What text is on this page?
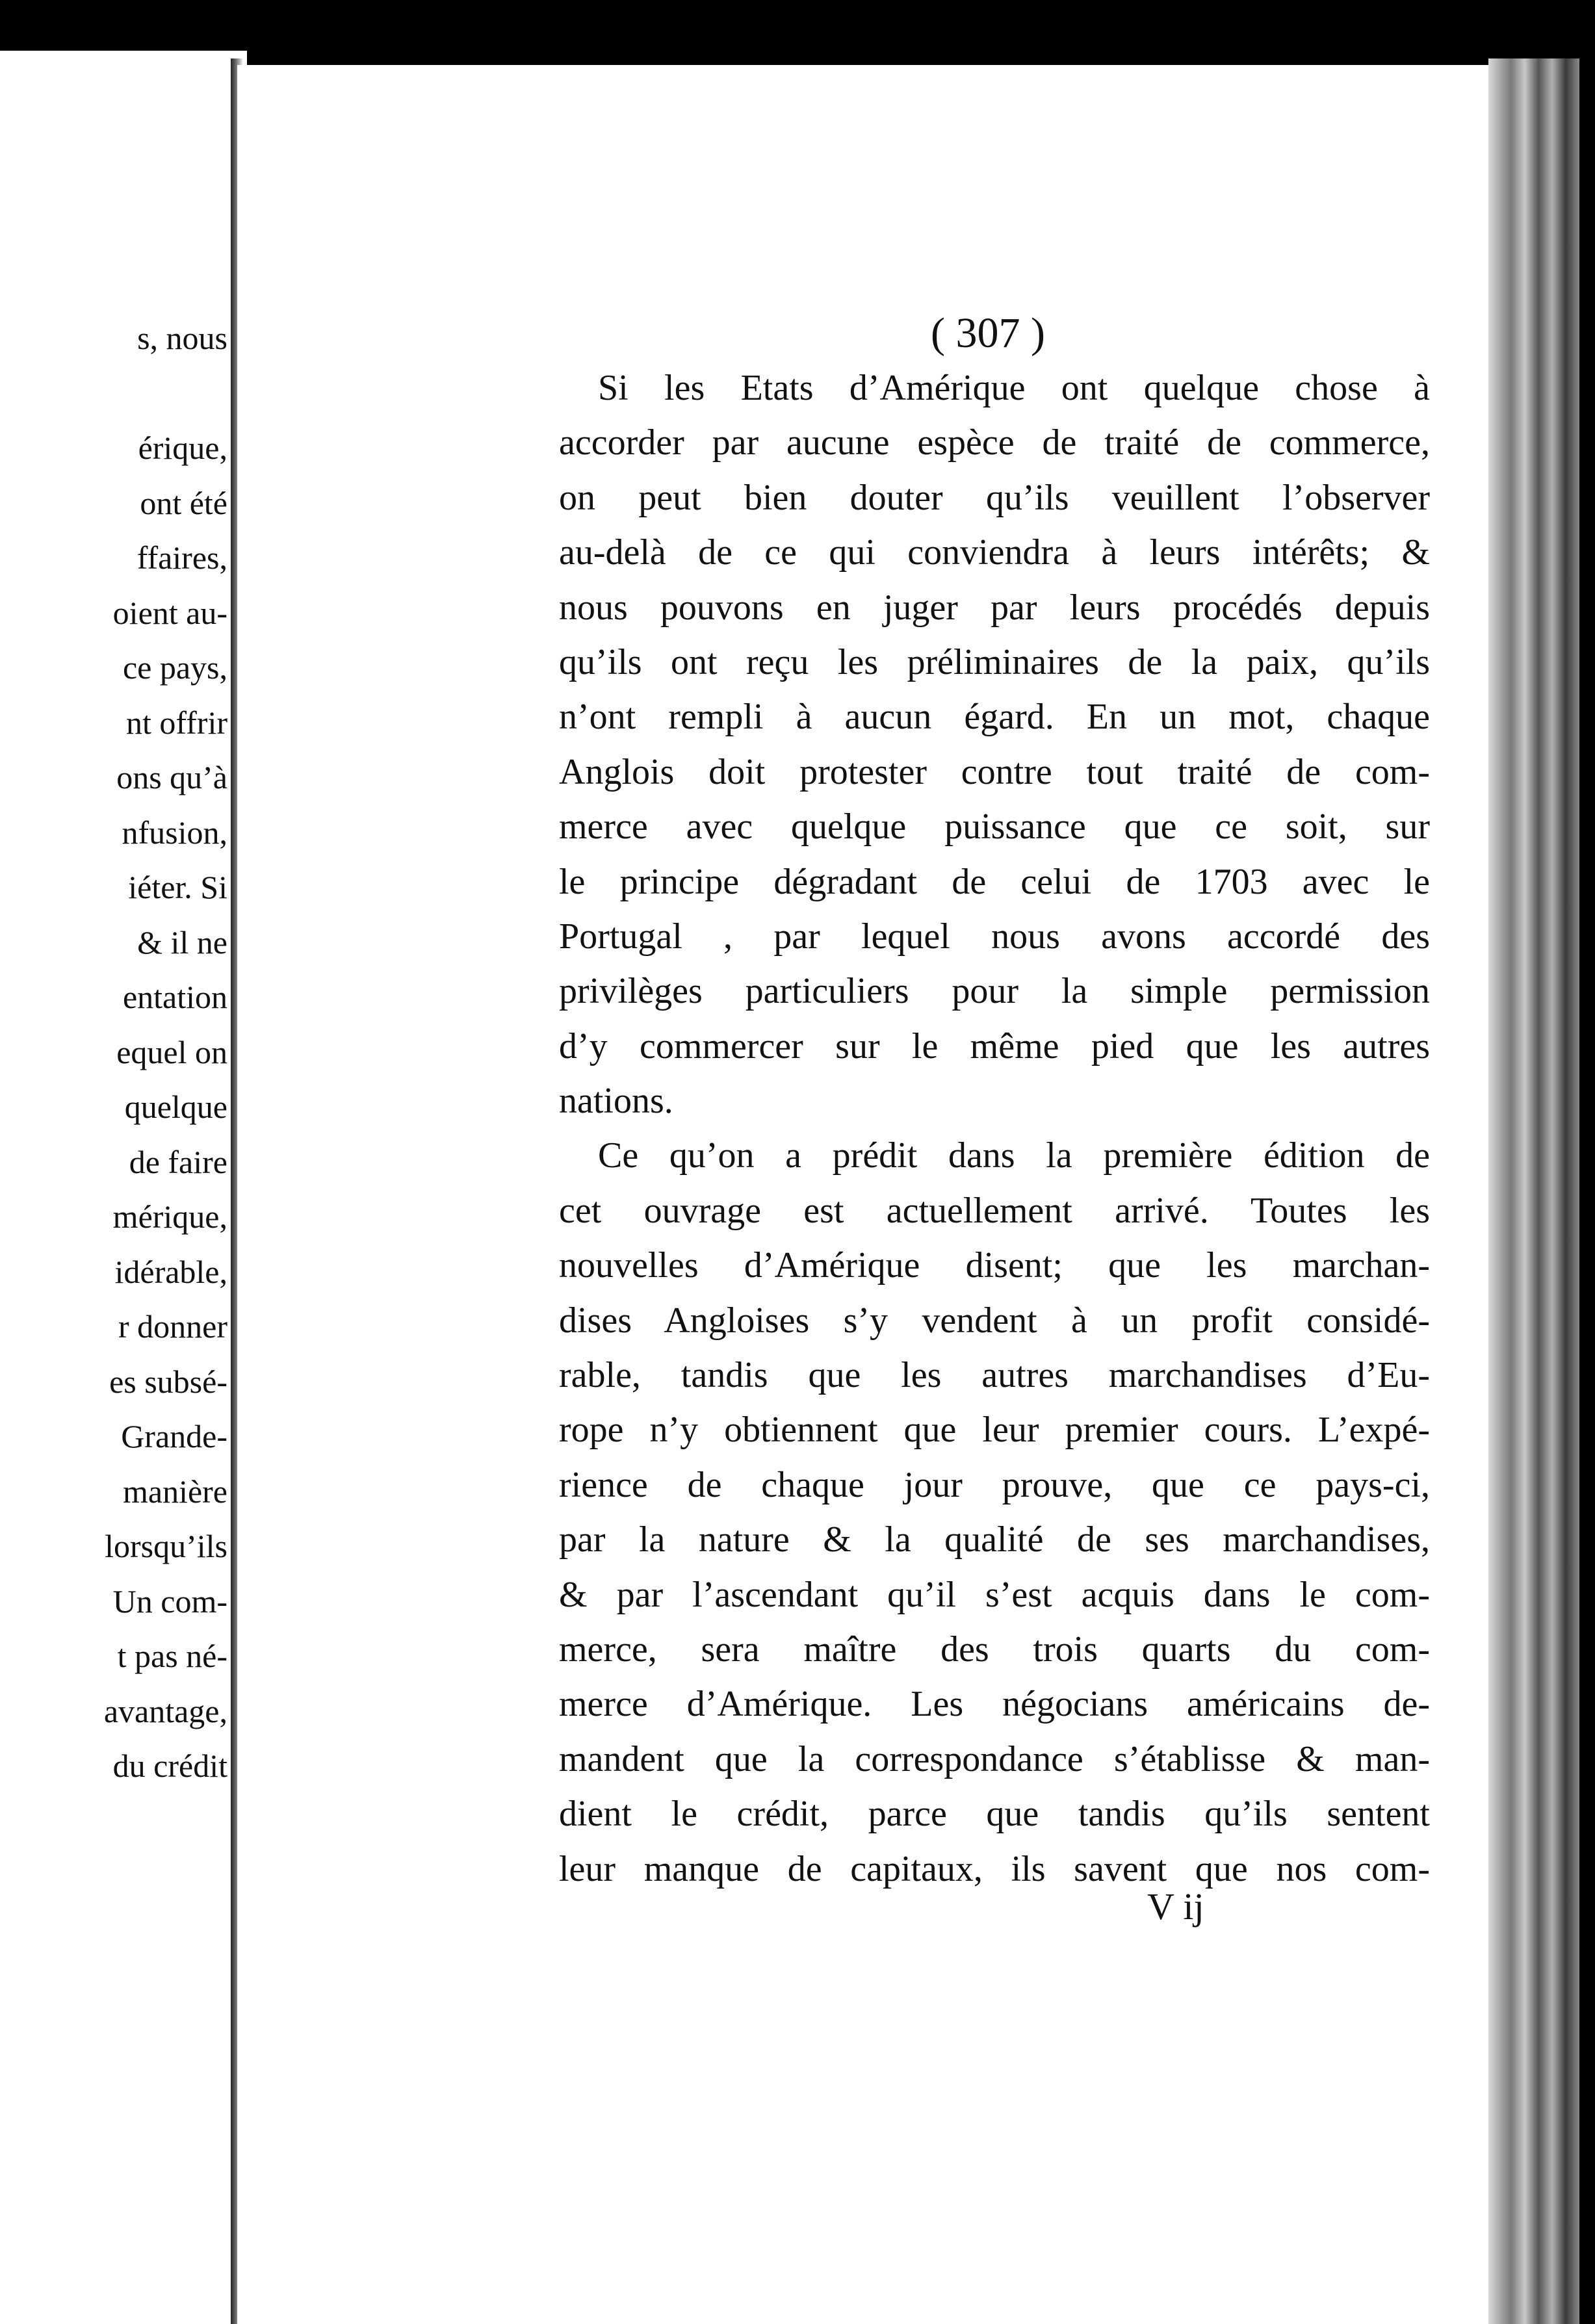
s, nous
érique,
ont été
ffaires,
oient au-
ce pays,
nt offrir
ons qu’à
nfusion,
iéter. Si
& il ne
entation
equel on
quelque
de faire
mérique,
idérable,
r donner
es subsé-
Grande-
manière
lorsqu’ils
Un com-
t pas né-
avantage,
du crédit
( 307 )
Si les Etats d’Amérique ont quelque chose à
accorder par aucune espèce de traité de commerce,
on peut bien douter qu’ils veuillent l’observer
au-delà de ce qui conviendra à leurs intérêts; &
nous pouvons en juger par leurs procédés depuis
qu’ils ont reçu les préliminaires de la paix, qu’ils
n’ont rempli à aucun égard. En un mot, chaque
Anglois doit protester contre tout traité de com-
merce avec quelque puissance que ce soit, sur
le principe dégradant de celui de 1703 avec le
Portugal , par lequel nous avons accordé des
privilèges particuliers pour la simple permission
d’y commercer sur le même pied que les autres
nations.
Ce qu’on a prédit dans la première édition de
cet ouvrage est actuellement arrivé. Toutes les
nouvelles d’Amérique disent; que les marchan-
dises Angloises s’y vendent à un profit considé-
rable, tandis que les autres marchandises d’Eu-
rope n’y obtiennent que leur premier cours. L’expé-
rience de chaque jour prouve, que ce pays-ci,
par la nature & la qualité de ses marchandises,
& par l’ascendant qu’il s’est acquis dans le com-
merce, sera maître des trois quarts du com-
merce d’Amérique. Les négocians américains de-
mandent que la correspondance s’établisse & man-
dient le crédit, parce que tandis qu’ils sentent
leur manque de capitaux, ils savent que nos com-
V ij
